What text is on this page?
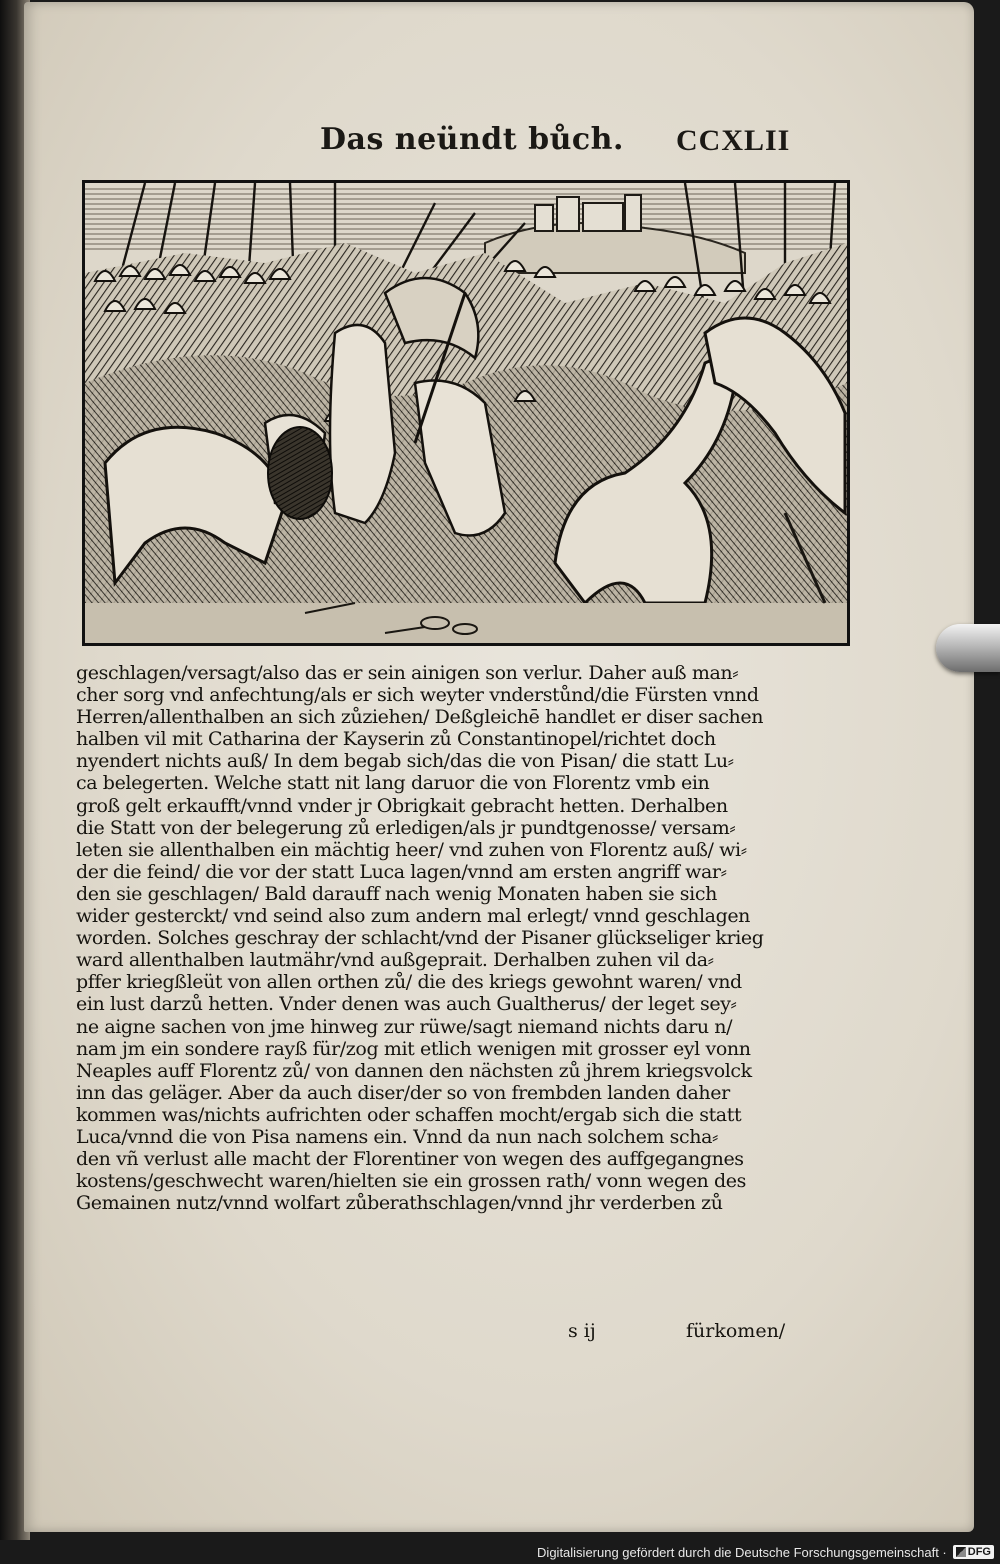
Das neündt bůch. CCXLII
geschlagen/versagt/also das er sein ainigen son verlur. Daher auß man⸗
cher sorg vnd anfechtung/als er sich weyter vnderstůnd/die Fürsten vnnd
Herren/allenthalben an sich zůziehen/ Deßgleichē handlet er diser sachen
halben vil mit Catharina der Kayserin zů Constantinopel/richtet doch
nyendert nichts auß/ In dem begab sich/das die von Pisan/ die statt Lu⸗
ca belegerten. Welche statt nit lang daruor die von Florentz vmb ein
groß gelt erkaufft/vnnd vnder jr Obrigkait gebracht hetten. Derhalben
die Statt von der belegerung zů erledigen/als jr pundtgenosse/ versam⸗
leten sie allenthalben ein mächtig heer/ vnd zuhen von Florentz auß/ wi⸗
der die feind/ die vor der statt Luca lagen/vnnd am ersten angriff war⸗
den sie geschlagen/ Bald darauff nach wenig Monaten haben sie sich
wider gesterckt/ vnd seind also zum andern mal erlegt/ vnnd geschlagen
worden. Solches geschray der schlacht/vnd der Pisaner glückseliger krieg
ward allenthalben lautmähr/vnd außgeprait. Derhalben zuhen vil da⸗
pffer kriegßleüt von allen orthen zů/ die des kriegs gewohnt waren/ vnd
ein lust darzů hetten. Vnder denen was auch Gualtherus/ der leget sey⸗
ne aigne sachen von jme hinweg zur rüwe/sagt niemand nichts daru n/
nam jm ein sondere rayß für/zog mit etlich wenigen mit grosser eyl vonn
Neaples auff Florentz zů/ von dannen den nächsten zů jhrem kriegsvolck
inn das geläger. Aber da auch diser/der so von frembden landen daher
kommen was/nichts aufrichten oder schaffen mocht/ergab sich die statt
Luca/vnnd die von Pisa namens ein. Vnnd da nun nach solchem scha⸗
den vñ verlust alle macht der Florentiner von wegen des auffgegangnes
kostens/geschwecht waren/hielten sie ein grossen rath/ vonn wegen des
Gemainen nutz/vnnd wolfart zůberathschlagen/vnnd jhr verderben zů
s ij	fürkomen/
Digitalisierung gefördert durch die Deutsche Forschungsgemeinschaft · DFG
